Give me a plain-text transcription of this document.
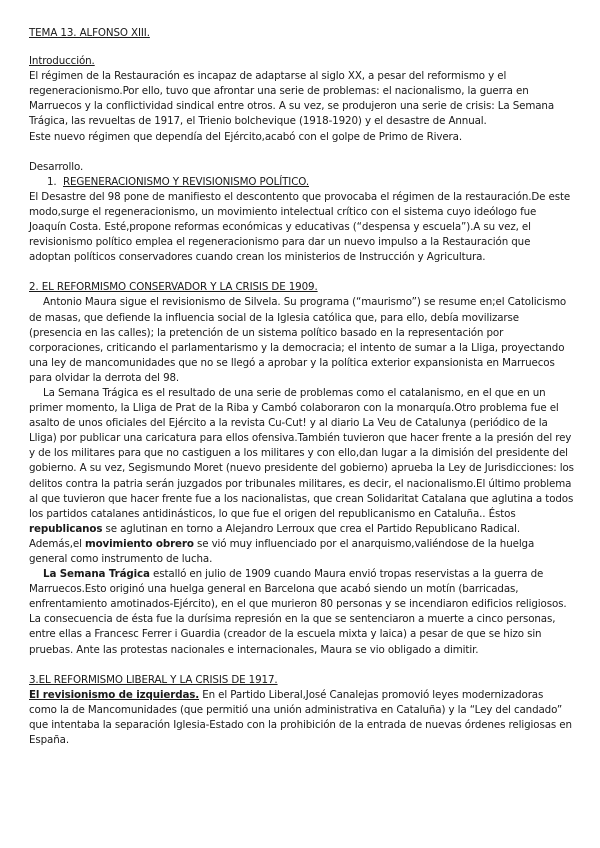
TEMA 13. ALFONSO XIII.

Introducción.

El régimen de la Restauración es incapaz de adaptarse al siglo XX, a pesar del reformismo y el regeneracionismo.Por ello, tuvo que afrontar una serie de problemas: el nacionalismo, la guerra en Marruecos y la conflictividad sindical entre otros. A su vez, se produjeron una serie de crisis: La Semana Trágica, las revueltas de 1917, el Trienio bolchevique (1918-1920) y el desastre de Annual.

Este nuevo régimen que dependía del Ejército,acabó con el golpe de Primo de Rivera.

Desarrollo.

1. REGENERACIONISMO Y REVISIONISMO POLÍTICO.

El Desastre del 98 pone de manifiesto el descontento que provocaba el régimen de la restauración.De este modo,surge el regeneracionismo, un movimiento intelectual crítico con el sistema cuyo ideólogo fue Joaquín Costa. Esté,propone reformas económicas y educativas (“despensa y escuela”).A su vez, el revisionismo político emplea el regeneracionismo para dar un nuevo impulso a la Restauración que adoptan políticos conservadores cuando crean los ministerios de Instrucción y Agricultura.

2. EL REFORMISMO CONSERVADOR Y LA CRISIS DE 1909.

Antonio Maura sigue el revisionismo de Silvela. Su programa (“maurismo”) se resume en;el Catolicismo de masas, que defiende la influencia social de la Iglesia católica que, para ello, debía movilizarse (presencia en las calles); la pretención de un sistema político basado en la representación por corporaciones, criticando el parlamentarismo y la democracia; el intento de sumar a la Lliga, proyectando una ley de mancomunidades que no se llegó a aprobar y la política exterior expansionista en Marruecos para olvidar la derrota del 98.

La Semana Trágica es el resultado de una serie de problemas como el catalanismo, en el que en un primer momento, la Lliga de Prat de la Riba y Cambó colaboraron con la monarquía.Otro problema fue el asalto de unos oficiales del Ejército a la revista Cu-Cut! y al diario La Veu de Catalunya (periódico de la Lliga) por publicar una caricatura para ellos ofensiva.También tuvieron que hacer frente a la presión del rey y de los militares para que no castiguen a los militares y con ello,dan lugar a la dimisión del presidente del gobierno. A su vez, Segismundo Moret (nuevo presidente del gobierno) aprueba la Ley de Jurisdicciones: los delitos contra la patria serán juzgados por tribunales militares, es decir, el nacionalismo.El último problema al que tuvieron que hacer frente fue a los nacionalistas, que crean Solidaritat Catalana que aglutina a todos los partidos catalanes antidinásticos, lo que fue el origen del republicanismo en Cataluña.. Éstos republicanos se aglutinan en torno a Alejandro Lerroux que crea el Partido Republicano Radical. Además,el movimiento obrero se vió muy influenciado por el anarquismo,valiéndose de la huelga general como instrumento de lucha.

La Semana Trágica estalló en julio de 1909 cuando Maura envió tropas reservistas a la guerra de Marruecos.Esto originó una huelga general en Barcelona que acabó siendo un motín (barricadas, enfrentamiento amotinados-Ejército), en el que murieron 80 personas y se incendiaron edificios religiosos. La consecuencia de ésta fue la durísima represión en la que se sentenciaron a muerte a cinco personas, entre ellas a Francesc Ferrer i Guardia (creador de la escuela mixta y laica) a pesar de que se hizo sin pruebas. Ante las protestas nacionales e internacionales, Maura se vio obligado a dimitir.

3.EL REFORMISMO LIBERAL Y LA CRISIS DE 1917.

El revisionismo de izquierdas. En el Partido Liberal,José Canalejas promovió leyes modernizadoras como la de Mancomunidades (que permitió una unión administrativa en Cataluña) y la “Ley del candado” que intentaba la separación Iglesia-Estado con la prohibición de la entrada de nuevas órdenes religiosas en España.
